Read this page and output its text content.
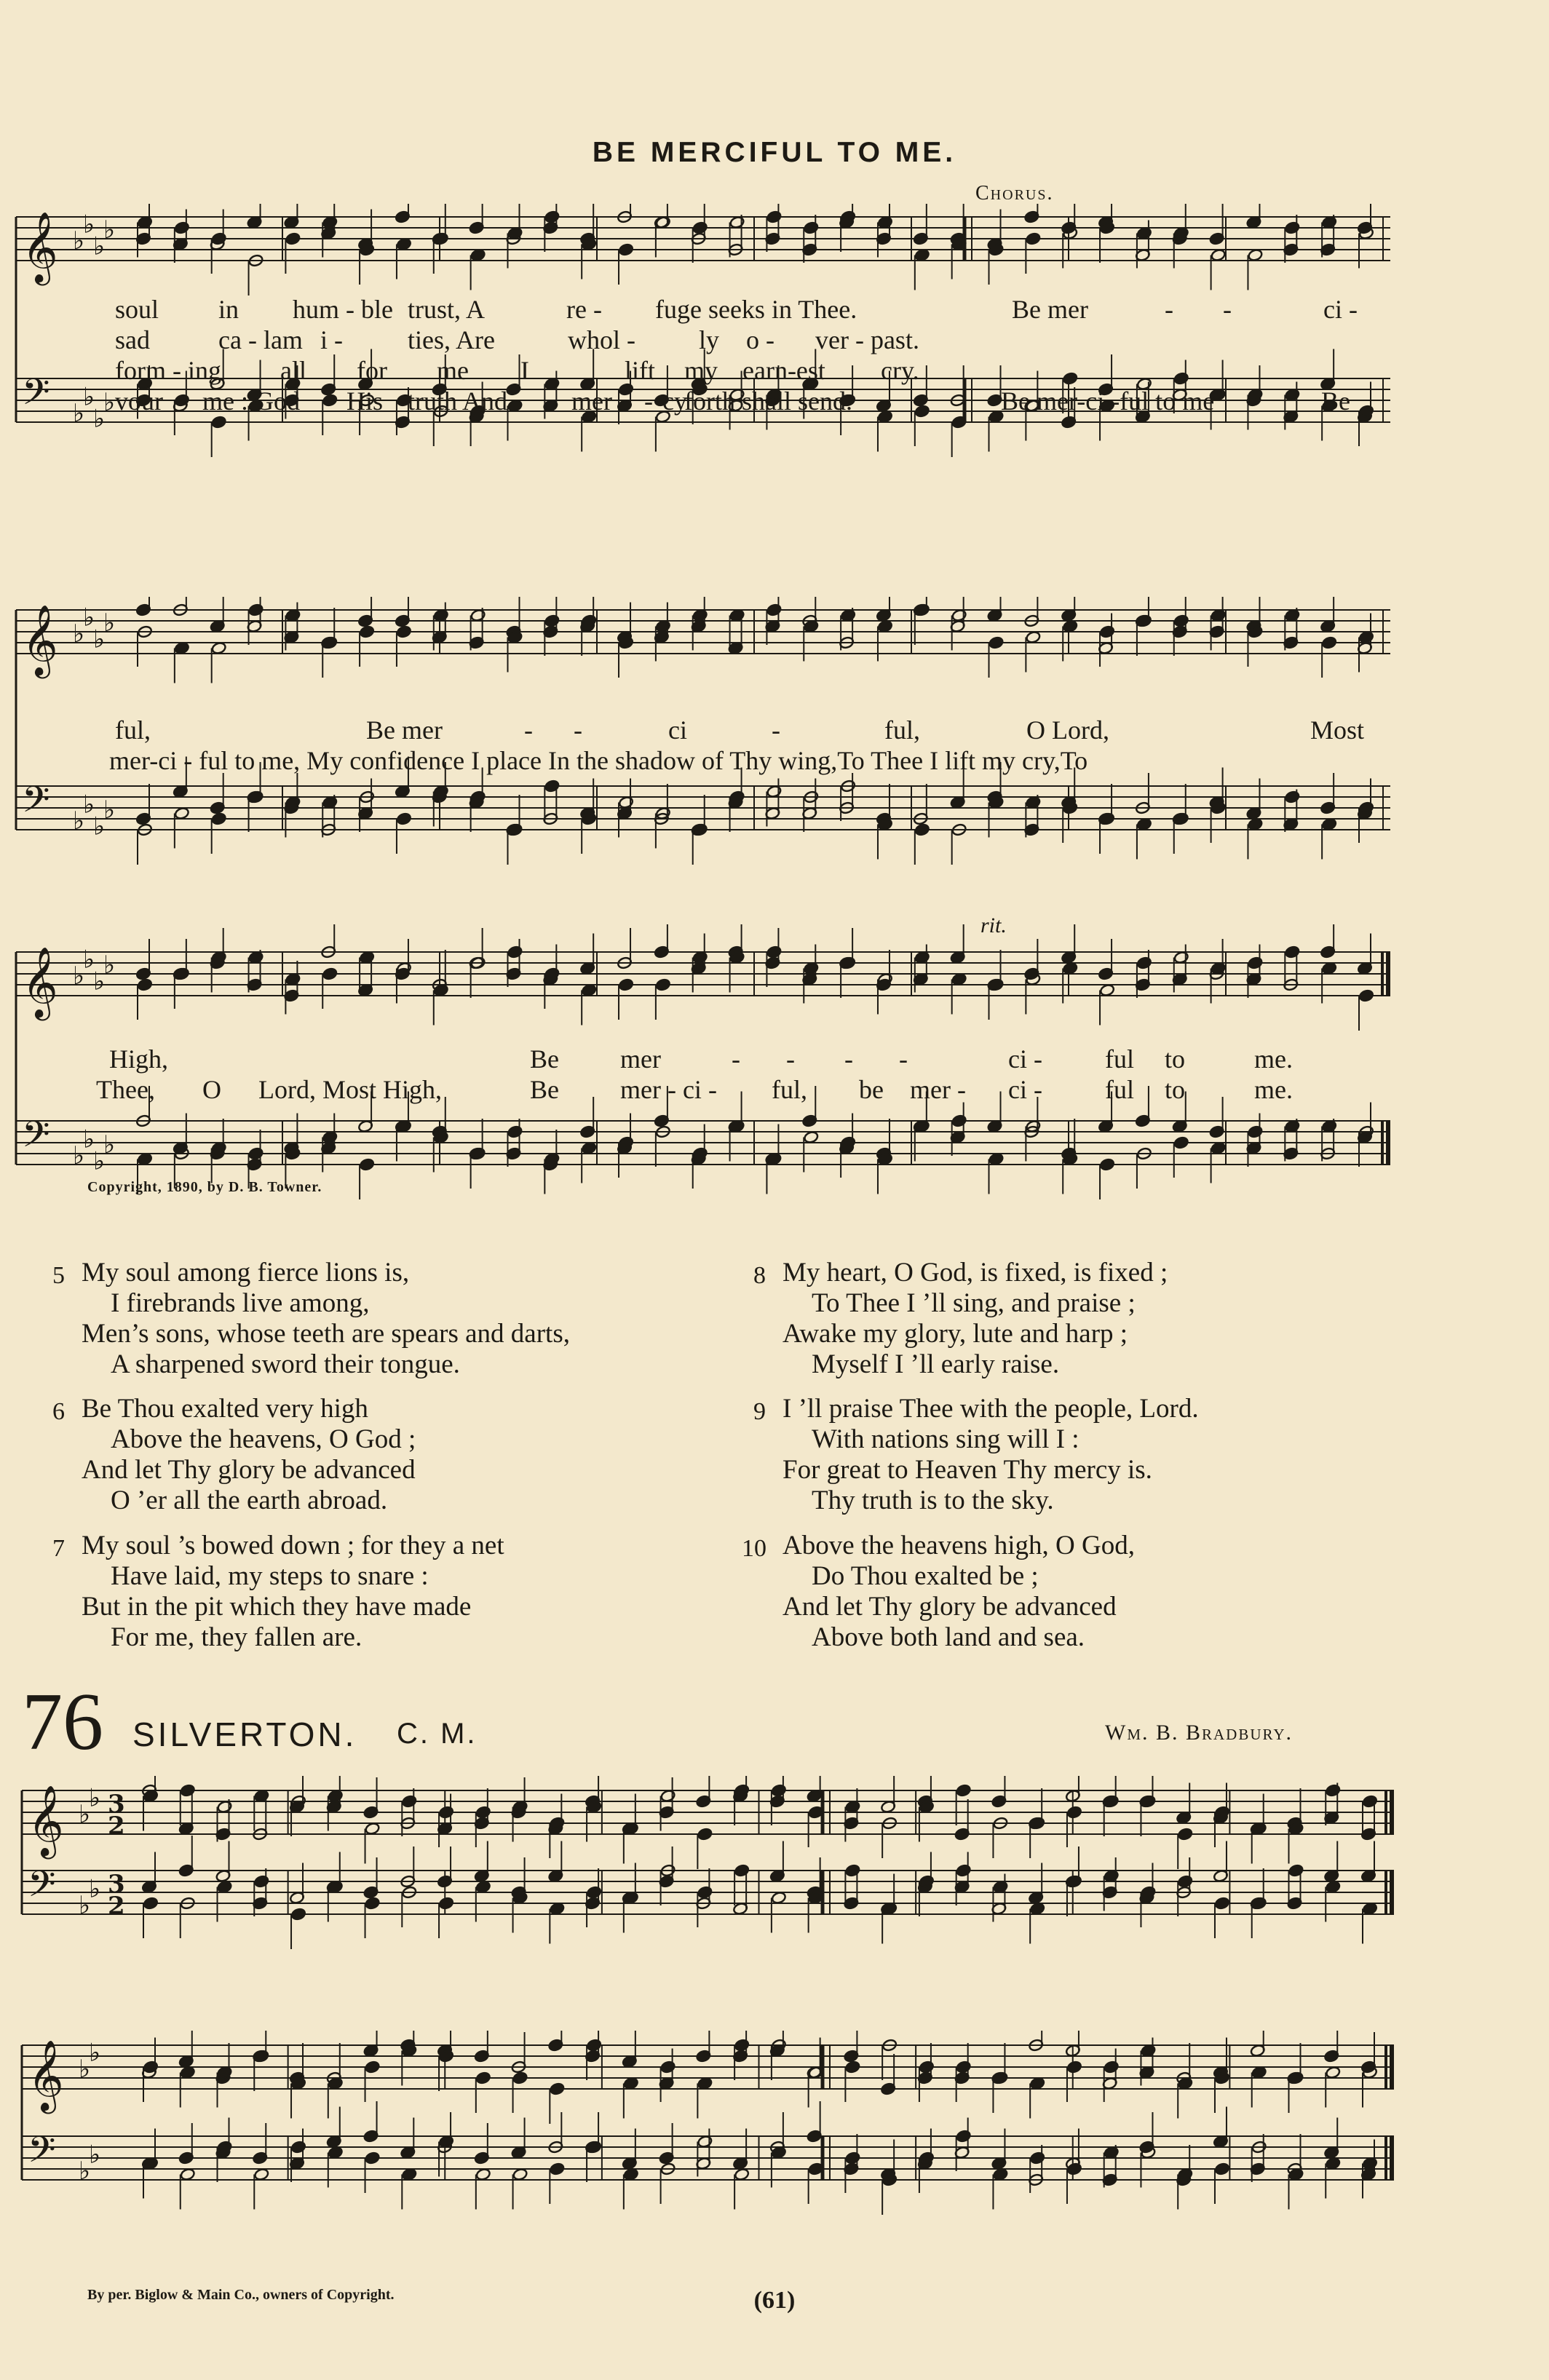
BE MERCIFUL TO ME.
Chorus.
𝄞
𝄢
♭
♭
♭
♭
♭
♭
♭
♭
soul in hum - ble trust, A	re - fuge seeks in Thee.	Be mer	- -	ci -
sad	ca - lam i - ties, Are	whol - ly o - ver - past.
form - ing all for me I	lift my earn-est cry.
vour me : God His truth And mer - cy
forth shall send.	Be mer-ci -ful to me	Be
𝄞
𝄢
♭
♭
♭
♭
♭
♭
♭
♭
ful,	Be mer	- -	ci	-	ful,	O Lord,	Most
mer-ci - ful to me, My confidence I place In the shadow of Thy wing,To Thee I lift my cry,To
𝄞
𝄢
♭
♭
♭
♭
♭
♭
♭
♭
rit.
High,	Be mer	- - - -	ci - ful to	me.
Thee, O Lord, Most High,	Be mer - ci - ful, be mer - ci - ful to	me.
Copyright, 1890, by D. B. Towner.
5 My soul among fierce lions is,
I firebrands live among,
Men’s sons, whose teeth are spears and darts,
A sharpened sword their tongue.
6 Be Thou exalted very high
Above the heavens, O God ;
And let Thy glory be advanced
O ’er all the earth abroad.
7 My soul ’s bowed down ; for they a net
Have laid, my steps to snare :
But in the pit which they have made
For me, they fallen are.
8 My heart, O God, is fixed, is fixed ;
To Thee I ’ll sing, and praise ;
Awake my glory, lute and harp ;
Myself I ’ll early raise.
9 I ’ll praise Thee with the people, Lord.
With nations sing will I :
For great to Heaven Thy mercy is.
Thy truth is to the sky.
10 Above the heavens high, O God,
Do Thou exalted be ;
And let Thy glory be advanced
Above both land and sea.
76 SILVERTON. C. M.	Wm. B. Bradbury.
𝄞
𝄢
♭
♭
♭
♭
3
2
3
2
𝄞
𝄢
♭
♭
♭
♭
By per. Biglow & Main Co., owners of Copyright.	(61)
